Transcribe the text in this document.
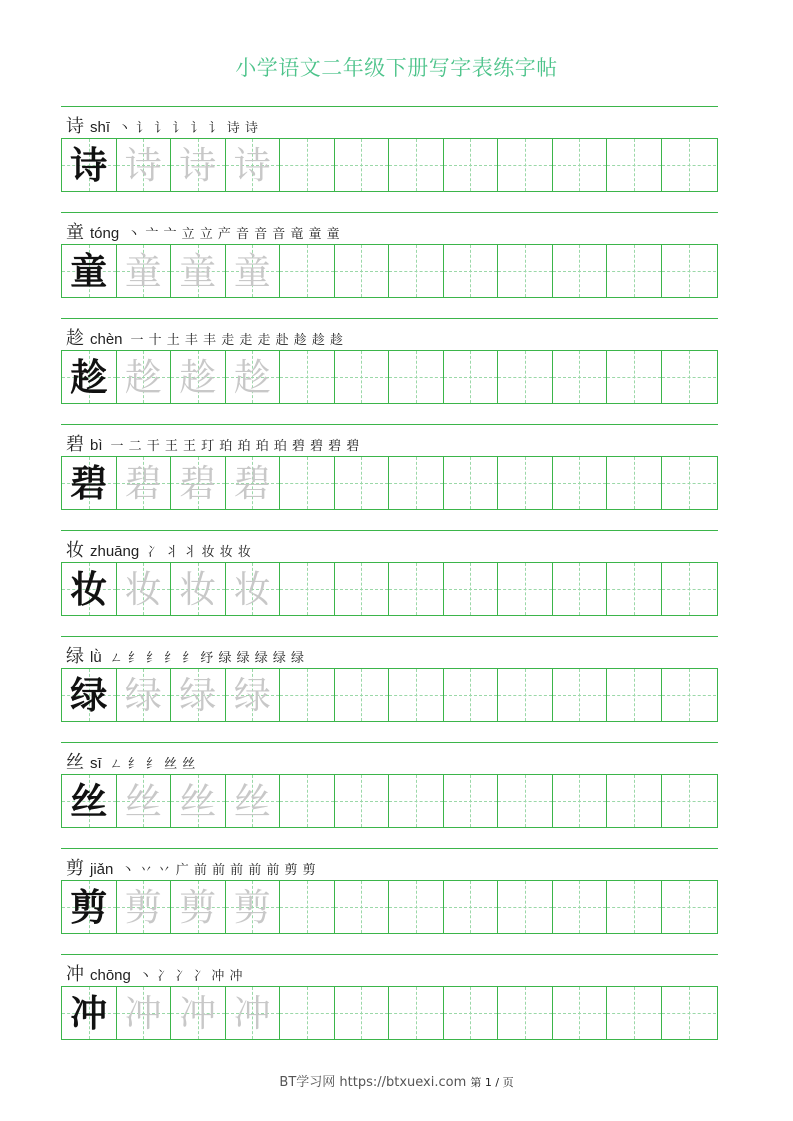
小学语文二年级下册写字表练字帖
诗 shī 丶 讠 讠 讠 讠 讠 诗 诗
诗 诗 诗 诗
童 tóng 丶 亠 亠 立 立 产 音 音 音 竜 童 童
童 童 童 童
趁 chèn 一 十 土 丰 丰 走 走 走 赴 趁 趁 趁
趁 趁 趁 趁
碧 bì 一 二 干 王 王 玎 珀 珀 珀 珀 碧 碧 碧 碧
碧 碧 碧 碧
妆 zhuāng 冫 丬 丬 妆 妆 妆
妆 妆 妆 妆
绿 lǜ ㄥ 纟 纟 纟 纟 纾 绿 绿 绿 绿 绿
绿 绿 绿 绿
丝 sī ㄥ 纟 纟 丝 丝
丝 丝 丝 丝
剪 jiǎn 丶 丷 丷 广 前 前 前 前 前 剪 剪
剪 剪 剪 剪
冲 chōng 丶 冫 冫 冫 冲 冲
冲 冲 冲 冲
BT学习网 https://btxuexi.com 第 1 / 页
